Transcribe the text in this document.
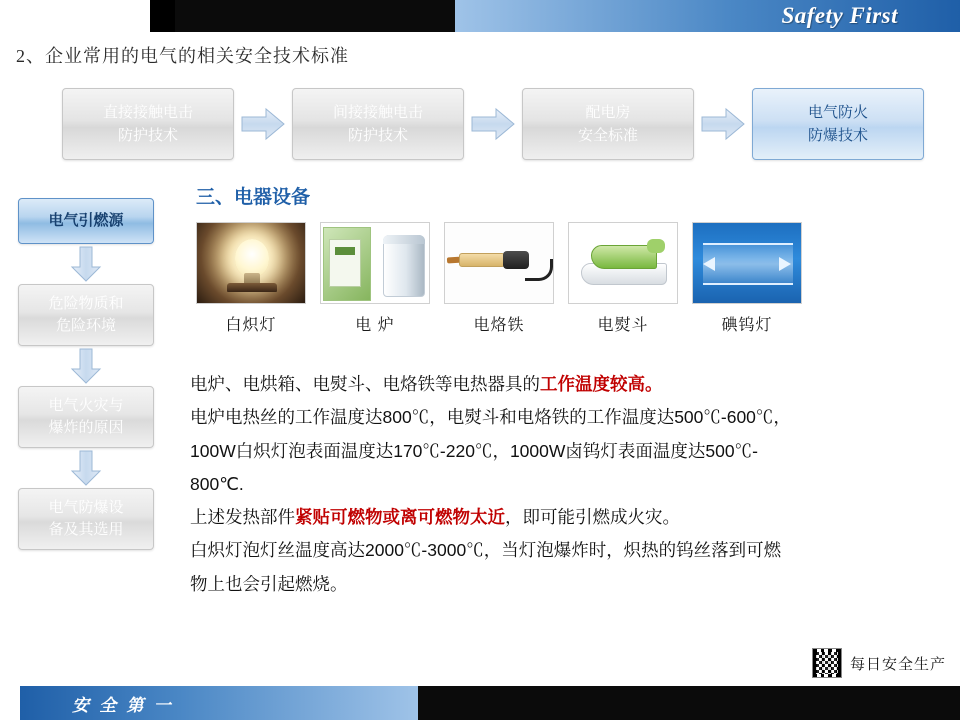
Safety First
2、企业常用的电气的相关安全技术标准
直接接触电击
防护技术
间接接触电击
防护技术
配电房
安全标准
电气防火
防爆技术
电气引燃源
危险物质和
危险环境
电气火灾与
爆炸的原因
电气防爆设
备及其选用
三、电器设备
白炽灯	电 炉	电烙铁	电熨斗	碘钨灯

电炉、电烘箱、电熨斗、电烙铁等电热器具的工作温度较高。

电炉电热丝的工作温度达800℃，电熨斗和电烙铁的工作温度达500℃-600℃，

100W白炽灯泡表面温度达170℃-220℃，1000W卤钨灯表面温度达500℃-

800℃.

上述发热部件紧贴可燃物或离可燃物太近，即可能引燃成火灾。

白炽灯泡灯丝温度高达2000℃-3000℃，当灯泡爆炸时，炽热的钨丝落到可燃

物上也会引起燃烧。

每日安全生产
安 全 第 一
